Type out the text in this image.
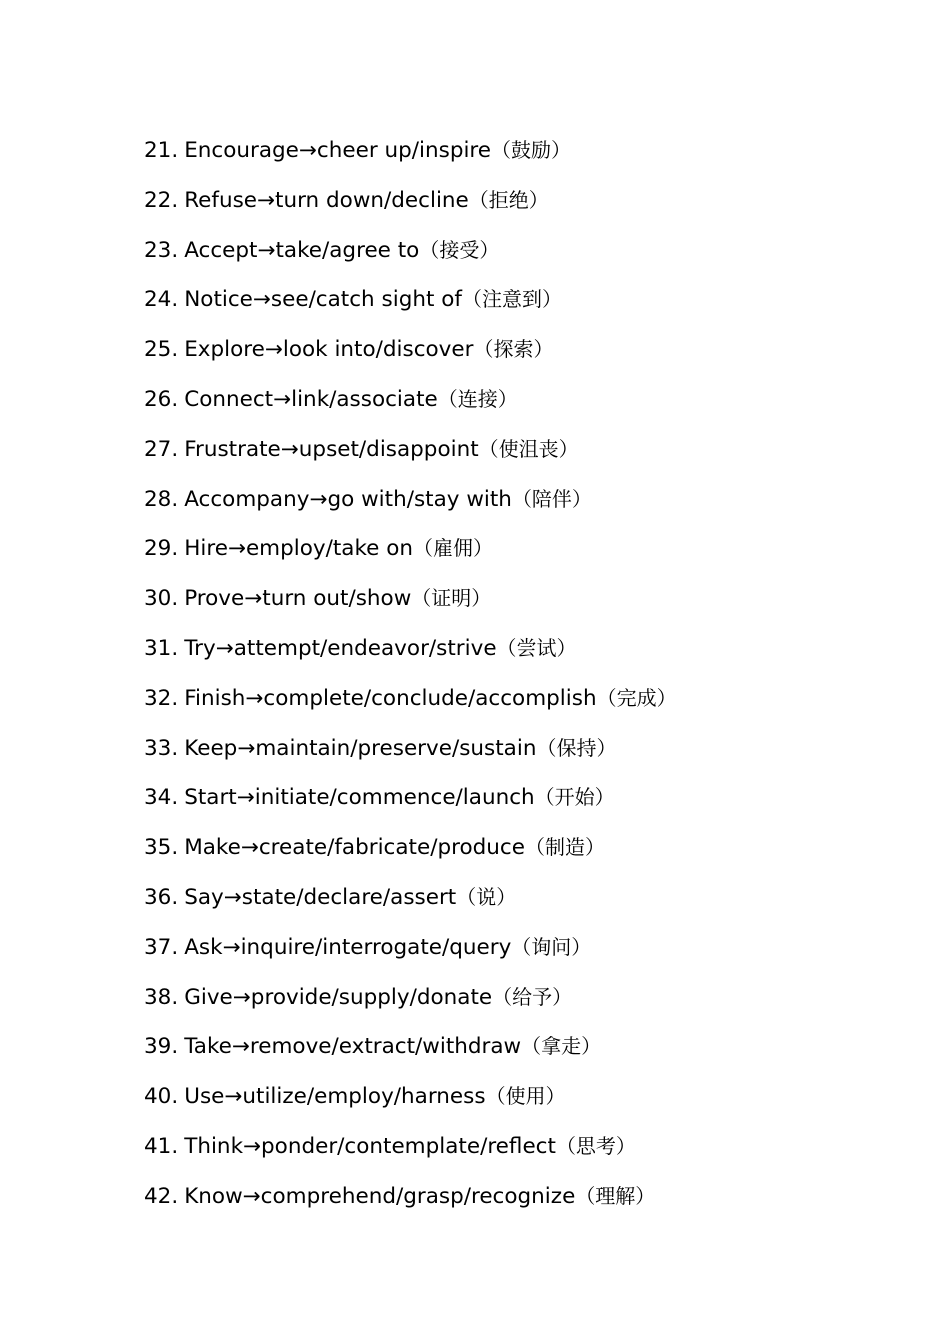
21. Encourage→cheer up/inspire（鼓励）
22. Refuse→turn down/decline（拒绝）
23. Accept→take/agree to（接受）
24. Notice→see/catch sight of（注意到）
25. Explore→look into/discover（探索）
26. Connect→link/associate（连接）
27. Frustrate→upset/disappoint（使沮丧）
28. Accompany→go with/stay with（陪伴）
29. Hire→employ/take on（雇佣）
30. Prove→turn out/show（证明）
31. Try→attempt/endeavor/strive（尝试）
32. Finish→complete/conclude/accomplish（完成）
33. Keep→maintain/preserve/sustain（保持）
34. Start→initiate/commence/launch（开始）
35. Make→create/fabricate/produce（制造）
36. Say→state/declare/assert（说）
37. Ask→inquire/interrogate/query（询问）
38. Give→provide/supply/donate（给予）
39. Take→remove/extract/withdraw（拿走）
40. Use→utilize/employ/harness（使用）
41. Think→ponder/contemplate/reflect（思考）
42. Know→comprehend/grasp/recognize（理解）
